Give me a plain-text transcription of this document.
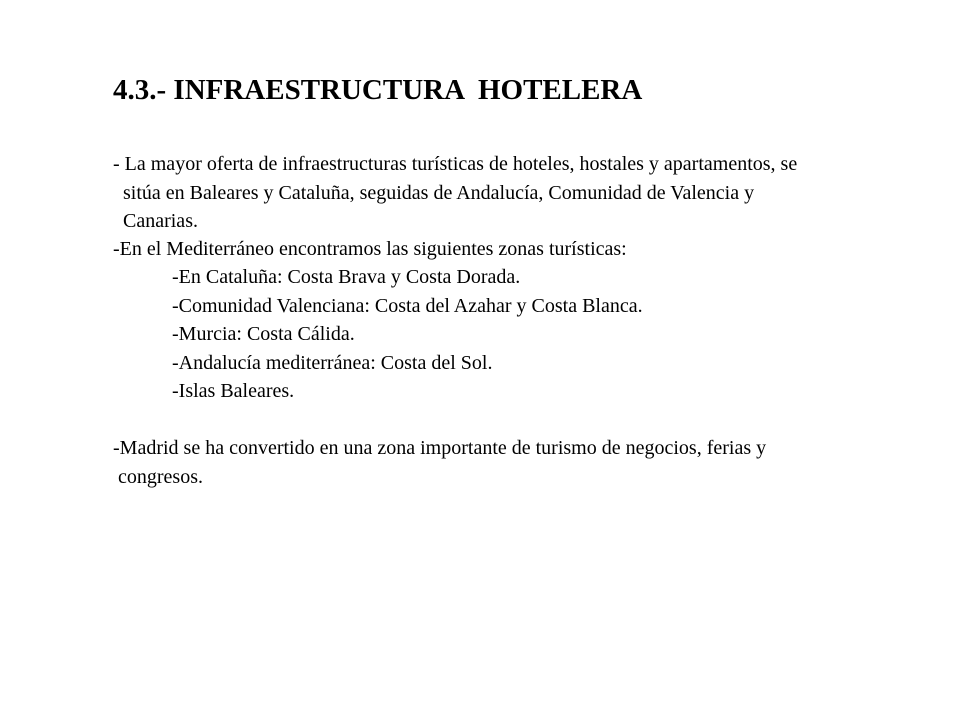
4.3.- INFRAESTRUCTURA  HOTELERA
- La mayor oferta de infraestructuras turísticas de hoteles, hostales y apartamentos, se
sitúa en Baleares y Cataluña, seguidas de Andalucía, Comunidad de Valencia y
Canarias.
-En el Mediterráneo encontramos las siguientes zonas turísticas:
-En Cataluña: Costa Brava y Costa Dorada.
-Comunidad Valenciana: Costa del Azahar y Costa Blanca.
-Murcia: Costa Cálida.
-Andalucía mediterránea: Costa del Sol.
-Islas Baleares.
-Madrid se ha convertido en una zona importante de turismo de negocios, ferias y
congresos.
